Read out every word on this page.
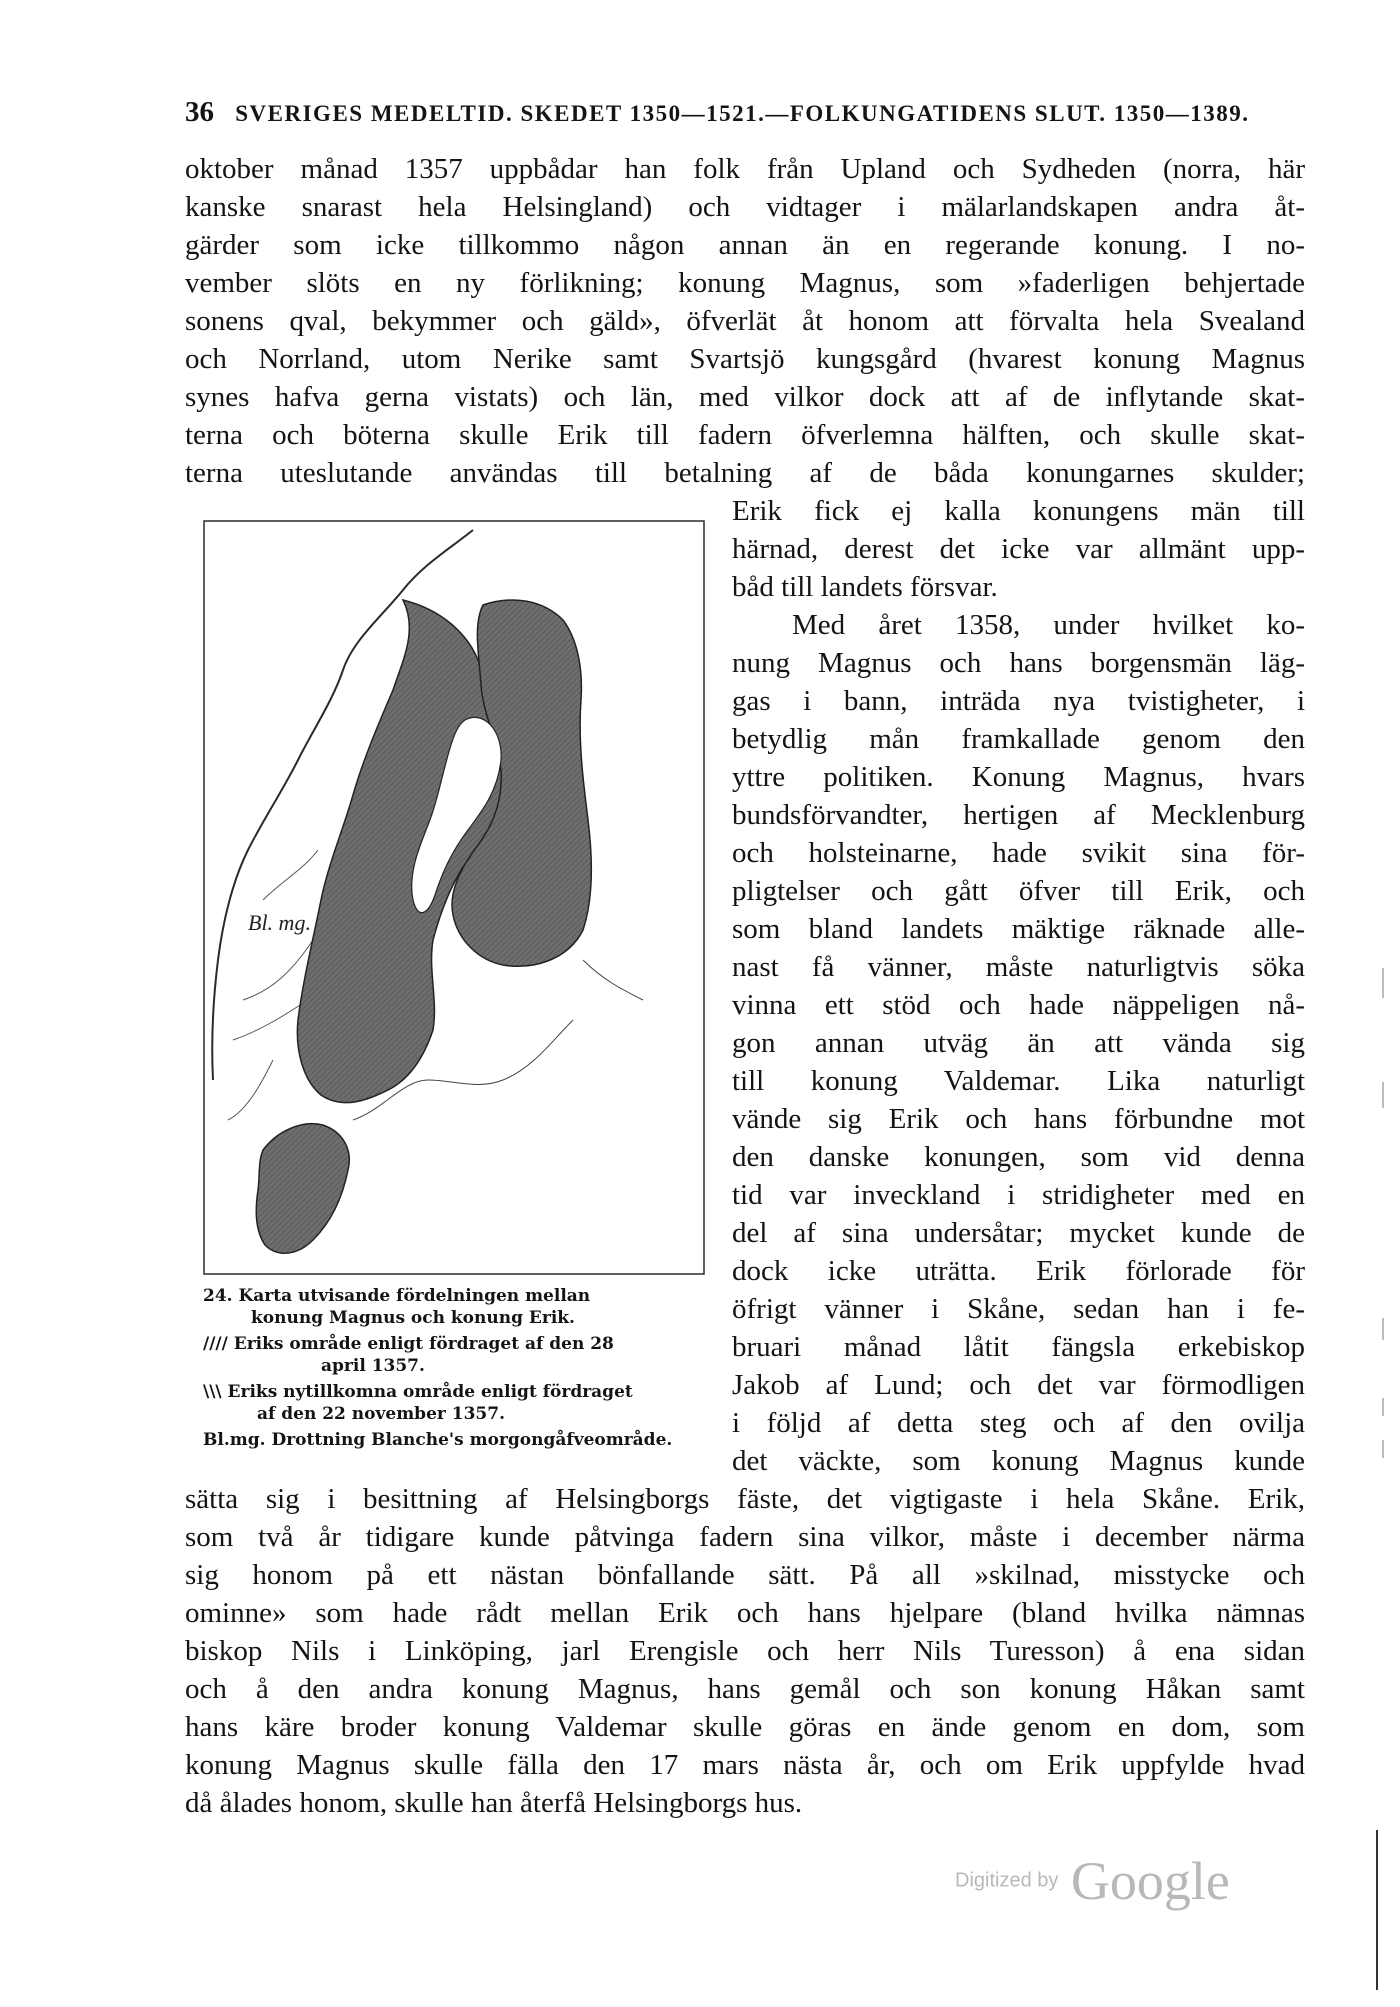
36 SVERIGES MEDELTID. SKEDET 1350—1521.—FOLKUNGATIDENS SLUT. 1350—1389.
oktober månad 1357 uppbådar han folk från Upland och Sydheden (norra, här
kanske snarast hela Helsingland) och vidtager i mälarlandskapen andra åt-
gärder som icke tillkommo någon annan än en regerande konung. I no-
vember slöts en ny förlikning; konung Magnus, som »faderligen behjertade
sonens qval, bekymmer och gäld», öfverlät åt honom att förvalta hela Svealand
och Norrland, utom Nerike samt Svartsjö kungsgård (hvarest konung Magnus
synes hafva gerna vistats) och län, med vilkor dock att af de inflytande skat-
terna och böterna skulle Erik till fadern öfverlemna hälften, och skulle skat-
terna uteslutande användas till betalning af de båda konungarnes skulder;
Bl. mg.
24. Karta utvisande fördelningen mellan
konung Magnus och konung Erik.
//// Eriks område enligt fördraget af den 28
april 1357.
\\\ Eriks nytillkomna område enligt fördraget
af den 22 november 1357.
Bl.mg. Drottning Blanche's morgongåfveområde.
Erik fick ej kalla konungens män till
härnad, derest det icke var allmänt upp-
båd till landets försvar.
Med året 1358, under hvilket ko-
nung Magnus och hans borgensmän läg-
gas i bann, inträda nya tvistigheter, i
betydlig mån framkallade genom den
yttre politiken. Konung Magnus, hvars
bundsförvandter, hertigen af Mecklenburg
och holsteinarne, hade svikit sina för-
pligtelser och gått öfver till Erik, och
som bland landets mäktige räknade alle-
nast få vänner, måste naturligtvis söka
vinna ett stöd och hade näppeligen nå-
gon annan utväg än att vända sig
till konung Valdemar. Lika naturligt
vände sig Erik och hans förbundne mot
den danske konungen, som vid denna
tid var inveckland i stridigheter med en
del af sina undersåtar; mycket kunde de
dock icke uträtta. Erik förlorade för
öfrigt vänner i Skåne, sedan han i fe-
bruari månad låtit fängsla erkebiskop
Jakob af Lund; och det var förmodligen
i följd af detta steg och af den ovilja
det väckte, som konung Magnus kunde
sätta sig i besittning af Helsingborgs fäste, det vigtigaste i hela Skåne. Erik,
som två år tidigare kunde påtvinga fadern sina vilkor, måste i december närma
sig honom på ett nästan bönfallande sätt. På all »skilnad, misstycke och
ominne» som hade rådt mellan Erik och hans hjelpare (bland hvilka nämnas
biskop Nils i Linköping, jarl Erengisle och herr Nils Turesson) å ena sidan
och å den andra konung Magnus, hans gemål och son konung Håkan samt
hans käre broder konung Valdemar skulle göras en ände genom en dom, som
konung Magnus skulle fälla den 17 mars nästa år, och om Erik uppfylde hvad
då ålades honom, skulle han återfå Helsingborgs hus.
Digitized by Google
